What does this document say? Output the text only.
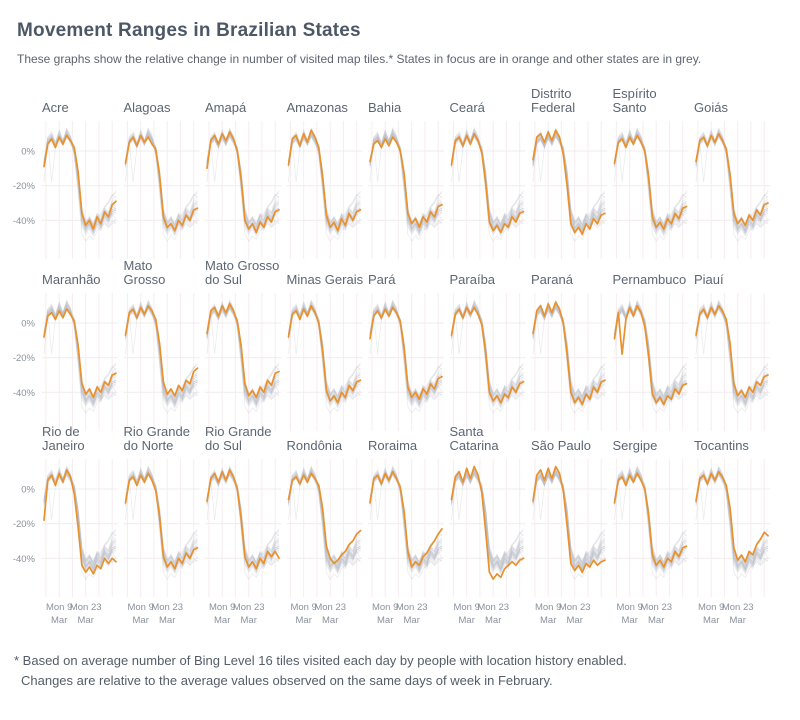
Movement Ranges in Brazilian States
These graphs show the relative change in number of visited map tiles.* States in focus are in orange and other states are in grey.
Acre
0%
-20%
-40%
Alagoas	Amapá	Amazonas Bahia	Ceará
Distrito
Federal
Espírito
Santo	Goiás
Maranhão
0%
-20%
-40%
Mato
Grosso
Mato Grosso
do Sul	Minas Gerais Pará	Paraíba	Paraná	Pernambuco Piauí
Rio de
Janeiro
0%
-20%
-40%
Mon 9
Mar
Mon 23
Mar
Rio Grande
do Norte
Mon 9
Mar
Mon 23
Mar
Rio Grande
do Sul
Mon 9
Mar
Mon 23
Mar
Rondônia
Mon 9
Mar
Mon 23
Mar
Roraima
Mon 9
Mar
Mon 23
Mar
Santa
Catarina
Mon 9
Mar
Mon 23
Mar
São Paulo
Mon 9
Mar
Mon 23
Mar
Sergipe
Mon 9
Mar
Mon 23
Mar
Tocantins
Mon 9
Mar
Mon 23
Mar
* Based on average number of Bing Level 16 tiles visited each day by people with location history enabled.
Changes are relative to the average values observed on the same days of week in February.
